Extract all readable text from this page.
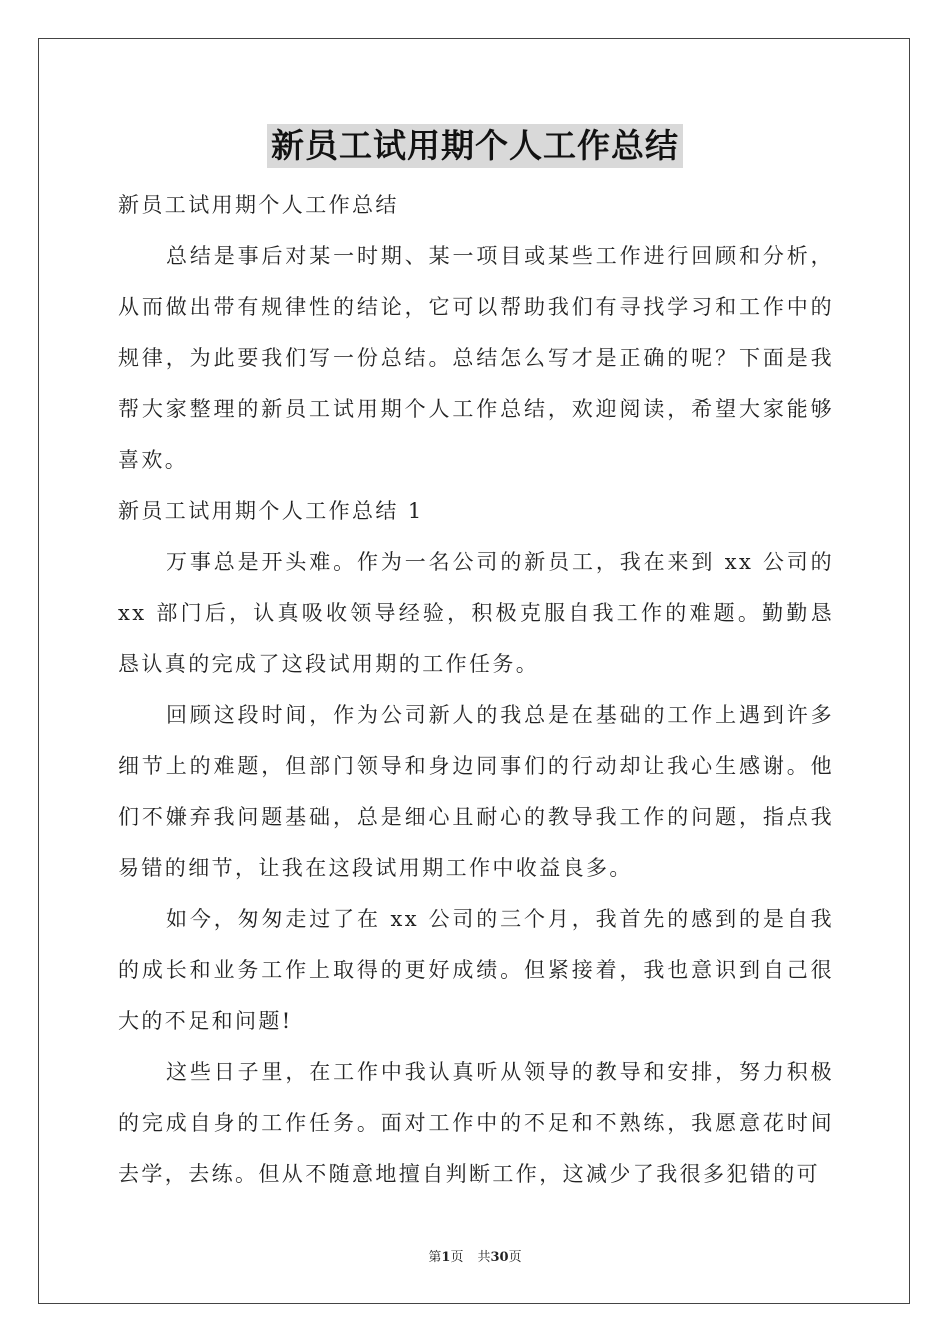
新员工试用期个人工作总结

新员工试用期个人工作总结

总结是事后对某一时期、某一项目或某些工作进行回顾和分析，从而做出带有规律性的结论，它可以帮助我们有寻找学习和工作中的规律，为此要我们写一份总结。总结怎么写才是正确的呢？下面是我帮大家整理的新员工试用期个人工作总结，欢迎阅读，希望大家能够喜欢。

新员工试用期个人工作总结 1

万事总是开头难。作为一名公司的新员工，我在来到 xx 公司的 xx 部门后，认真吸收领导经验，积极克服自我工作的难题。勤勤恳恳认真的完成了这段试用期的工作任务。

回顾这段时间，作为公司新人的我总是在基础的工作上遇到许多细节上的难题，但部门领导和身边同事们的行动却让我心生感谢。他们不嫌弃我问题基础，总是细心且耐心的教导我工作的问题，指点我易错的细节，让我在这段试用期工作中收益良多。

如今，匆匆走过了在 xx 公司的三个月，我首先的感到的是自我的成长和业务工作上取得的更好成绩。但紧接着，我也意识到自己很大的不足和问题!

这些日子里，在工作中我认真听从领导的教导和安排，努力积极的完成自身的工作任务。面对工作中的不足和不熟练，我愿意花时间去学，去练。但从不随意地擅自判断工作，这减少了我很多犯错的可

第1页 共30页
